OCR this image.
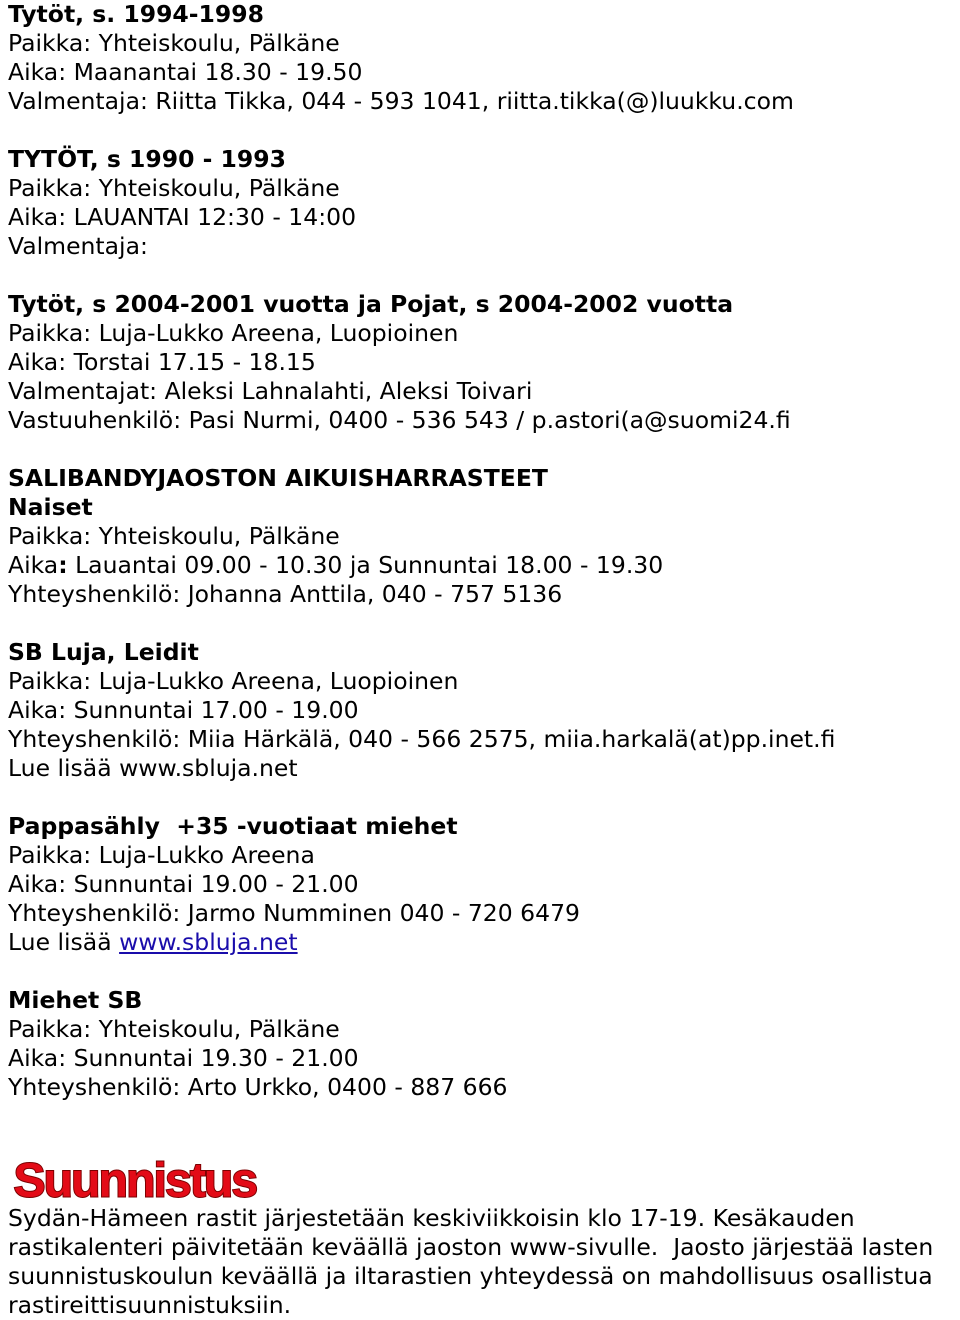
Tytöt, s. 1994-1998
Paikka: Yhteiskoulu, Pälkäne
Aika: Maanantai 18.30 - 19.50
Valmentaja: Riitta Tikka, 044 - 593 1041, riitta.tikka(@)luukku.com
TYTÖT, s 1990 - 1993
Paikka: Yhteiskoulu, Pälkäne
Aika: LAUANTAI 12:30 - 14:00
Valmentaja:
Tytöt, s 2004-2001 vuotta ja Pojat, s 2004-2002 vuotta
Paikka: Luja-Lukko Areena, Luopioinen
Aika: Torstai 17.15 - 18.15
Valmentajat: Aleksi Lahnalahti, Aleksi Toivari
Vastuuhenkilö: Pasi Nurmi, 0400 - 536 543 / p.astori(a@suomi24.fi
SALIBANDYJAOSTON AIKUISHARRASTEET
Naiset
Paikka: Yhteiskoulu, Pälkäne
Aika: Lauantai 09.00 - 10.30 ja Sunnuntai 18.00 - 19.30
Yhteyshenkilö: Johanna Anttila, 040 - 757 5136
SB Luja, Leidit
Paikka: Luja-Lukko Areena, Luopioinen
Aika: Sunnuntai 17.00 - 19.00
Yhteyshenkilö: Miia Härkälä, 040 - 566 2575, miia.harkalä(at)pp.inet.fi
Lue lisää www.sbluja.net
Pappasähly  +35 -vuotiaat miehet
Paikka: Luja-Lukko Areena
Aika: Sunnuntai 19.00 - 21.00
Yhteyshenkilö: Jarmo Numminen 040 - 720 6479
Lue lisää www.sbluja.net
Miehet SB
Paikka: Yhteiskoulu, Pälkäne
Aika: Sunnuntai 19.30 - 21.00
Yhteyshenkilö: Arto Urkko, 0400 - 887 666
Suunnistus
Sydän-Hämeen rastit järjestetään keskiviikkoisin klo 17-19. Kesäkauden
rastikalenteri päivitetään keväällä jaoston www-sivulle.  Jaosto järjestää lasten
suunnistuskoulun keväällä ja iltarastien yhteydessä on mahdollisuus osallistua
rastireittisuunnistuksiin.
